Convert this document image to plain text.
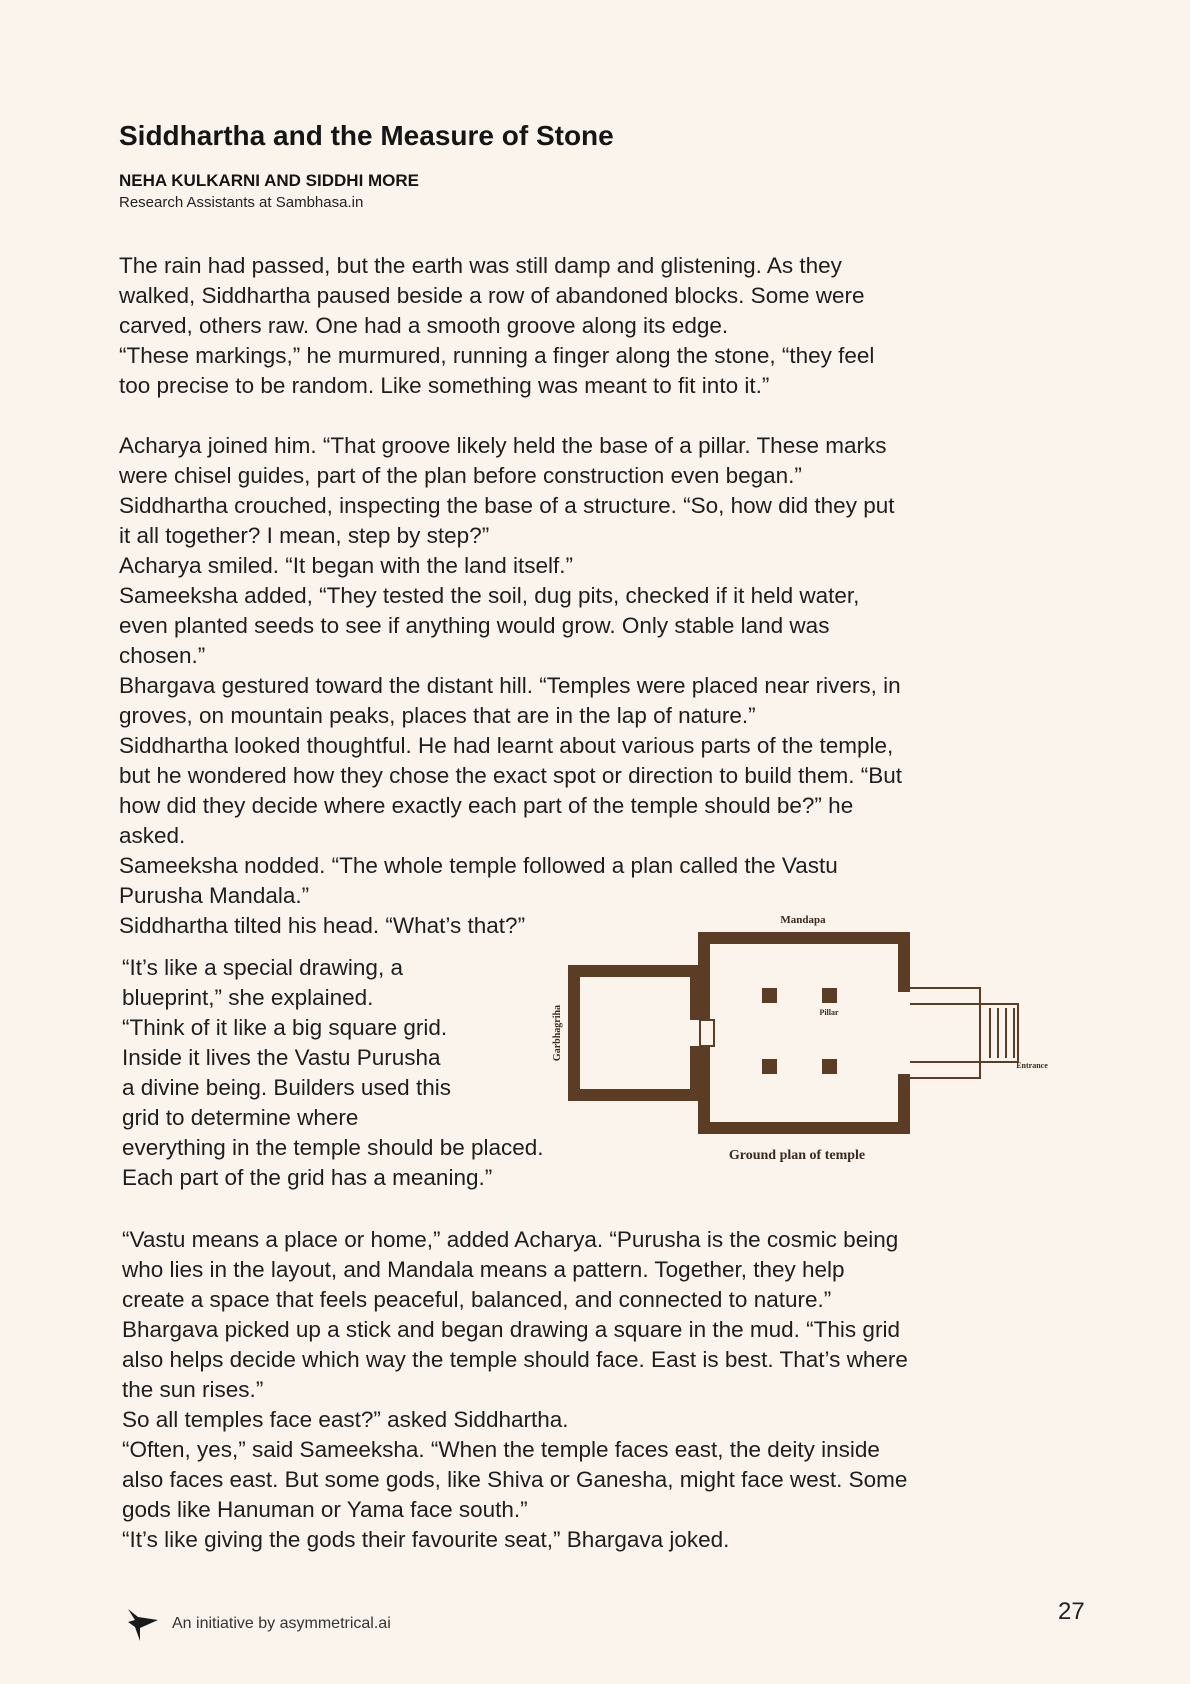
Siddhartha and the Measure of Stone

NEHA KULKARNI AND SIDDHI MORE

Research Assistants at Sambhasa.in

The rain had passed, but the earth was still damp and glistening. As they
walked, Siddhartha paused beside a row of abandoned blocks. Some were
carved, others raw. One had a smooth groove along its edge.
“These markings,” he murmured, running a finger along the stone, “they feel
too precise to be random. Like something was meant to fit into it.”
Acharya joined him. “That groove likely held the base of a pillar. These marks
were chisel guides, part of the plan before construction even began.”
Siddhartha crouched, inspecting the base of a structure. “So, how did they put
it all together? I mean, step by step?”
Acharya smiled. “It began with the land itself.”
Sameeksha added, “They tested the soil, dug pits, checked if it held water,
even planted seeds to see if anything would grow. Only stable land was
chosen.”
Bhargava gestured toward the distant hill. “Temples were placed near rivers, in
groves, on mountain peaks, places that are in the lap of nature.”
Siddhartha looked thoughtful. He had learnt about various parts of the temple,
but he wondered how they chose the exact spot or direction to build them. “But
how did they decide where exactly each part of the temple should be?” he
asked.
Sameeksha nodded. “The whole temple followed a plan called the Vastu
Purusha Mandala.”
Siddhartha tilted his head. “What’s that?”
“It’s like a special drawing, a
blueprint,” she explained.
“Think of it like a big square grid.
Inside it lives the Vastu Purusha
a divine being. Builders used this
grid to determine where
everything in the temple should be placed.
Each part of the grid has a meaning.”
Mandapa
Garbhagriha	Pillar
Entrance
Ground plan of temple
“Vastu means a place or home,” added Acharya. “Purusha is the cosmic being
who lies in the layout, and Mandala means a pattern. Together, they help
create a space that feels peaceful, balanced, and connected to nature.”
Bhargava picked up a stick and began drawing a square in the mud. “This grid
also helps decide which way the temple should face. East is best. That’s where
the sun rises.”
So all temples face east?” asked Siddhartha.
“Often, yes,” said Sameeksha. “When the temple faces east, the deity inside
also faces east. But some gods, like Shiva or Ganesha, might face west. Some
gods like Hanuman or Yama face south.”
“It’s like giving the gods their favourite seat,” Bhargava joked.

An initiative by asymmetrical.ai	27
